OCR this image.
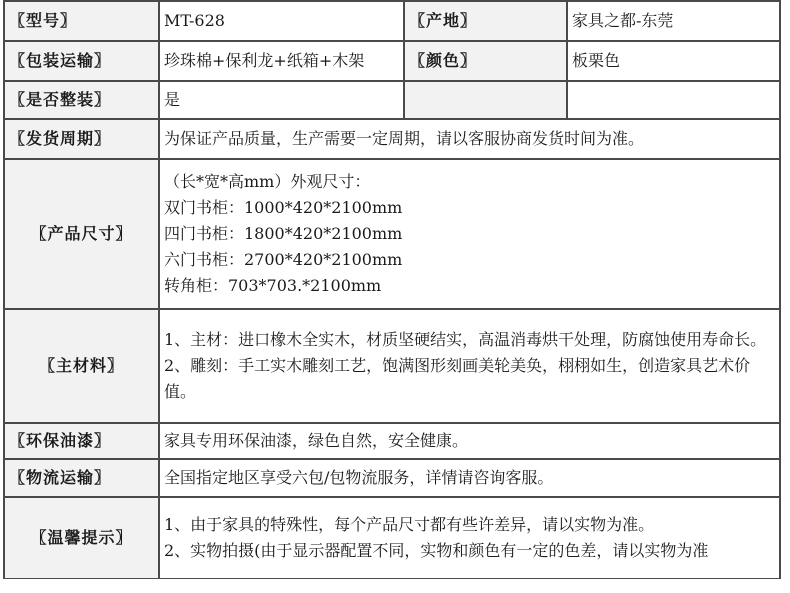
〖型号〗	MT-628	〖产地〗	家具之都-东莞
〖包装运输〗	珍珠棉+保利龙+纸箱+木架	〖颜色〗	板栗色
〖是否整装〗	是		
〖发货周期〗	为保证产品质量，生产需要一定周期，请以客服协商发货时间为准。		
〖产品尺寸〗	（长*宽*高mm）外观尺寸：
双门书柜：1000*420*2100mm
四门书柜：1800*420*2100mm
六门书柜：2700*420*2100mm
转角柜：703*703.*2100mm		

〖主材料〗	1、主材：进口橡木全实木，材质坚硬结实，高温消毒烘干处理，防腐蚀使用寿命长。
2、雕刻：手工实木雕刻工艺，饱满图形刻画美轮美奂，栩栩如生，创造家具艺术价值。		

〖环保油漆〗	家具专用环保油漆，绿色自然，安全健康。		
〖物流运输〗	全国指定地区享受六包/包物流服务，详情请咨询客服。		
〖温馨提示〗	1、由于家具的特殊性，每个产品尺寸都有些许差异，请以实物为准。
2、实物拍摄(由于显示器配置不同，实物和颜色有一定的色差，请以实物为准		
